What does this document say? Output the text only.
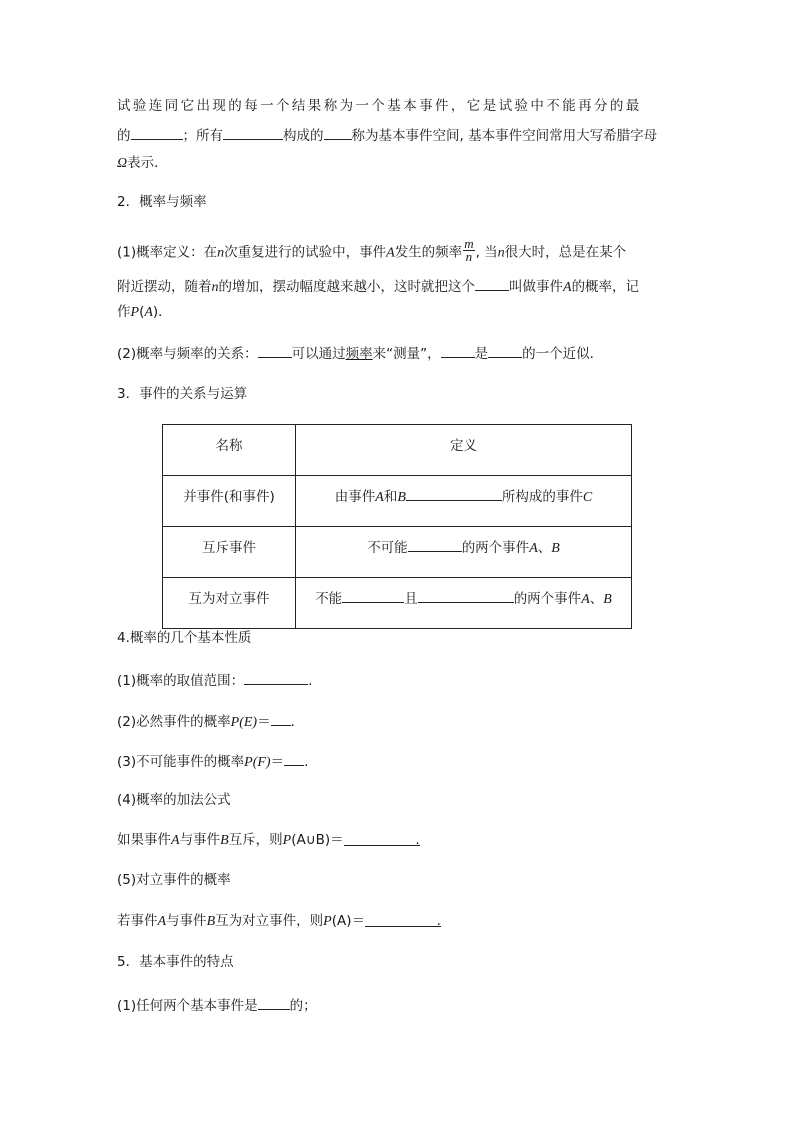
试验连同它出现的每一个结果称为一个基本事件，它是试验中不能再分的最
的	；所有	构成的 称为基本事件空间, 基本事件空间常用大写希腊字母
Ω表示．
2．概率与频率
(1)概率定义：在n次重复进行的试验中，事件A发生的频率 $\frac{m}{n}$ , 当n很大时，总是在某个
附近摆动，随着n的增加，摆动幅度越来越小，这时就把这个	叫做事件A的概率，记
作P(A)．
(2)概率与频率的关系：	可以通过频率来“测量”，	是	的一个近似．
3．事件的关系与运算
名称	定义
并事件(和事件)	由事件A和B 所构成的事件C
互斥事件	不可能 的两个事件A、B
互为对立事件	不能 且 的两个事件A、B
4.概率的几个基本性质
(1)概率的取值范围：	.
(2)必然事件的概率P(E)＝ .
(3)不可能事件的概率P(F)＝ .
(4)概率的加法公式
如果事件A与事件B互斥，则P(A∪B)＝	.
(5)对立事件的概率
若事件A与事件B互为对立事件，则P(A)＝	.
5．基本事件的特点
(1)任何两个基本事件是 的；
